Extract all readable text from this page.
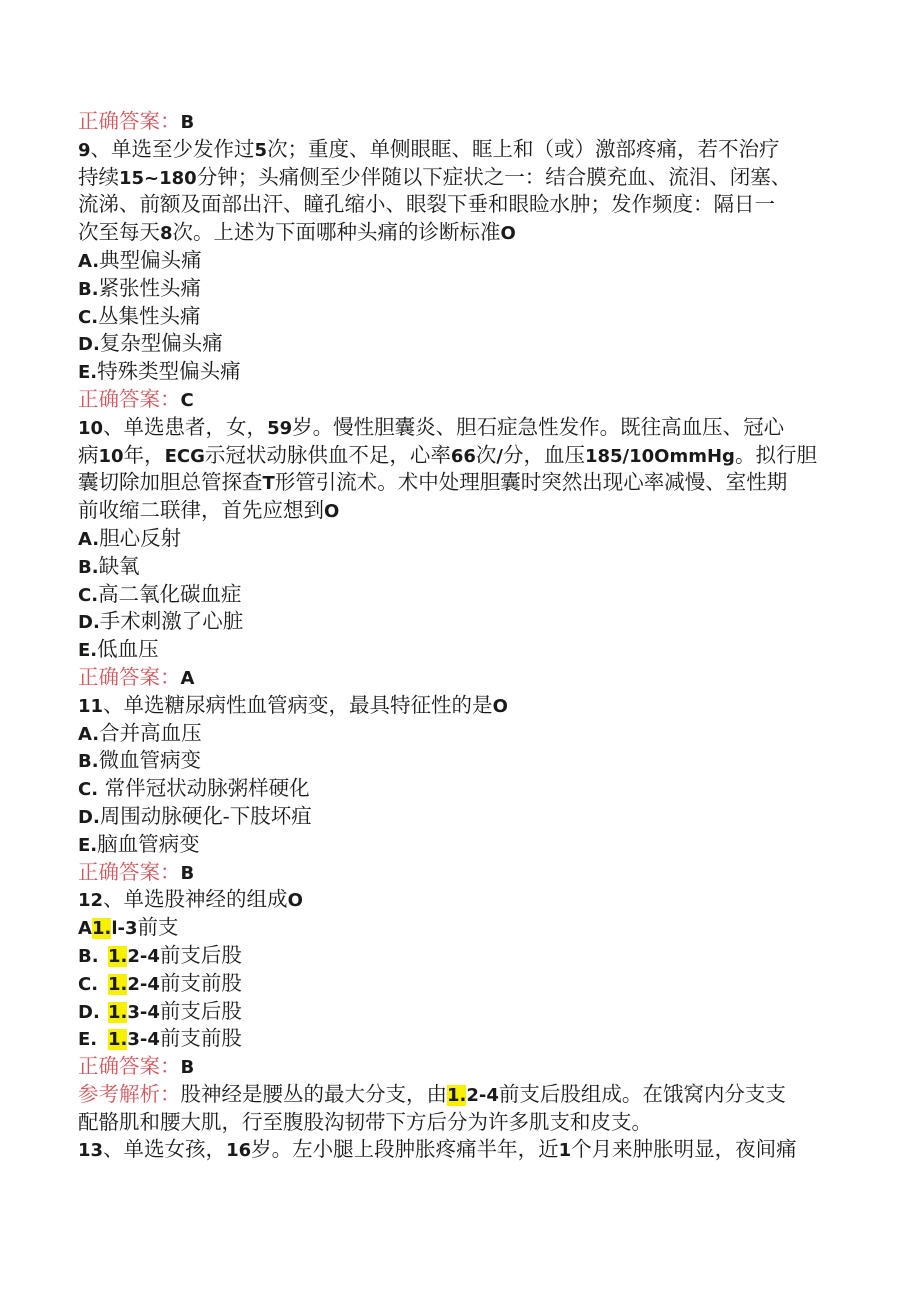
正确答案：B
9、单选至少发作过5次；重度、单侧眼眶、眶上和（或）激部疼痛，若不治疗
持续15~180分钟；头痛侧至少伴随以下症状之一：结合膜充血、流泪、闭塞、
流涕、前额及面部出汗、瞳孔缩小、眼裂下垂和眼睑水肿；发作频度：隔日一
次至每天8次。上述为下面哪种头痛的诊断标准O
A.典型偏头痛
B.紧张性头痛
C.丛集性头痛
D.复杂型偏头痛
E.特殊类型偏头痛
正确答案：C
10、单选患者，女，59岁。慢性胆囊炎、胆石症急性发作。既往高血压、冠心
病10年，ECG示冠状动脉供血不足，心率66次/分，血压185/10OmmHg。拟行胆
囊切除加胆总管探查T形管引流术。术中处理胆囊时突然出现心率减慢、室性期
前收缩二联律，首先应想到O
A.胆心反射
B.缺氧
C.高二氧化碳血症
D.手术刺激了心脏
E.低血压
正确答案：A
11、单选糖尿病性血管病变，最具特征性的是O
A.合并高血压
B.微血管病变
C. 常伴冠状动脉粥样硬化
D.周围动脉硬化-下肢坏疽
E.脑血管病变
正确答案：B
12、单选股神经的组成O
A1.l-3前支
B. 1.2-4前支后股
C. 1.2-4前支前股
D. 1.3-4前支后股
E. 1.3-4前支前股
正确答案：B
参考解析：股神经是腰丛的最大分支，由1.2-4前支后股组成。在饿窝内分支支
配骼肌和腰大肌，行至腹股沟韧带下方后分为许多肌支和皮支。
13、单选女孩，16岁。左小腿上段肿胀疼痛半年，近1个月来肿胀明显，夜间痛
